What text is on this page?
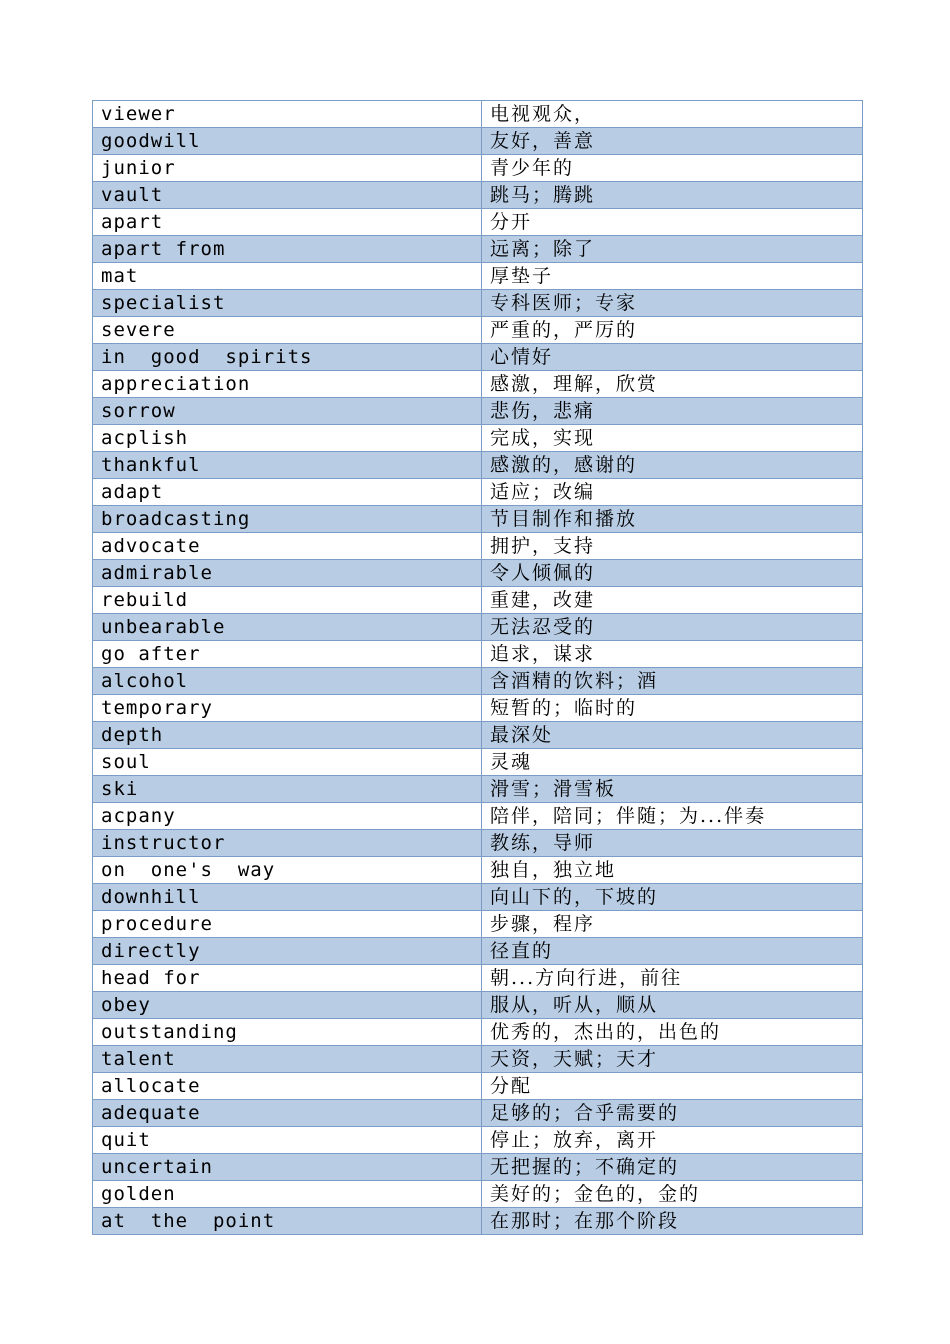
viewer	电视观众，
goodwill	友好，善意
junior	青少年的
vault	跳马；腾跳
apart	分开
apart from	远离；除了
mat	厚垫子
specialist	专科医师；专家
severe	严重的，严厉的
in  good  spirits	心情好
appreciation	感激，理解，欣赏
sorrow	悲伤，悲痛
acplish	完成，实现
thankful	感激的，感谢的
adapt	适应；改编
broadcasting	节目制作和播放
advocate	拥护，支持
admirable	令人倾佩的
rebuild	重建，改建
unbearable	无法忍受的
go after	追求，谋求
alcohol	含酒精的饮料；酒
temporary	短暂的；临时的
depth	最深处
soul	灵魂
ski	滑雪；滑雪板
acpany	陪伴，陪同；伴随；为...伴奏
instructor	教练，导师
on  one's  way	独自，独立地
downhill	向山下的，下坡的
procedure	步骤，程序
directly	径直的
head for	朝...方向行进，前往
obey	服从，听从，顺从
outstanding	优秀的，杰出的，出色的
talent	天资，天赋；天才
allocate	分配
adequate	足够的；合乎需要的
quit	停止；放弃，离开
uncertain	无把握的；不确定的
golden	美好的；金色的，金的
at  the  point	在那时；在那个阶段
